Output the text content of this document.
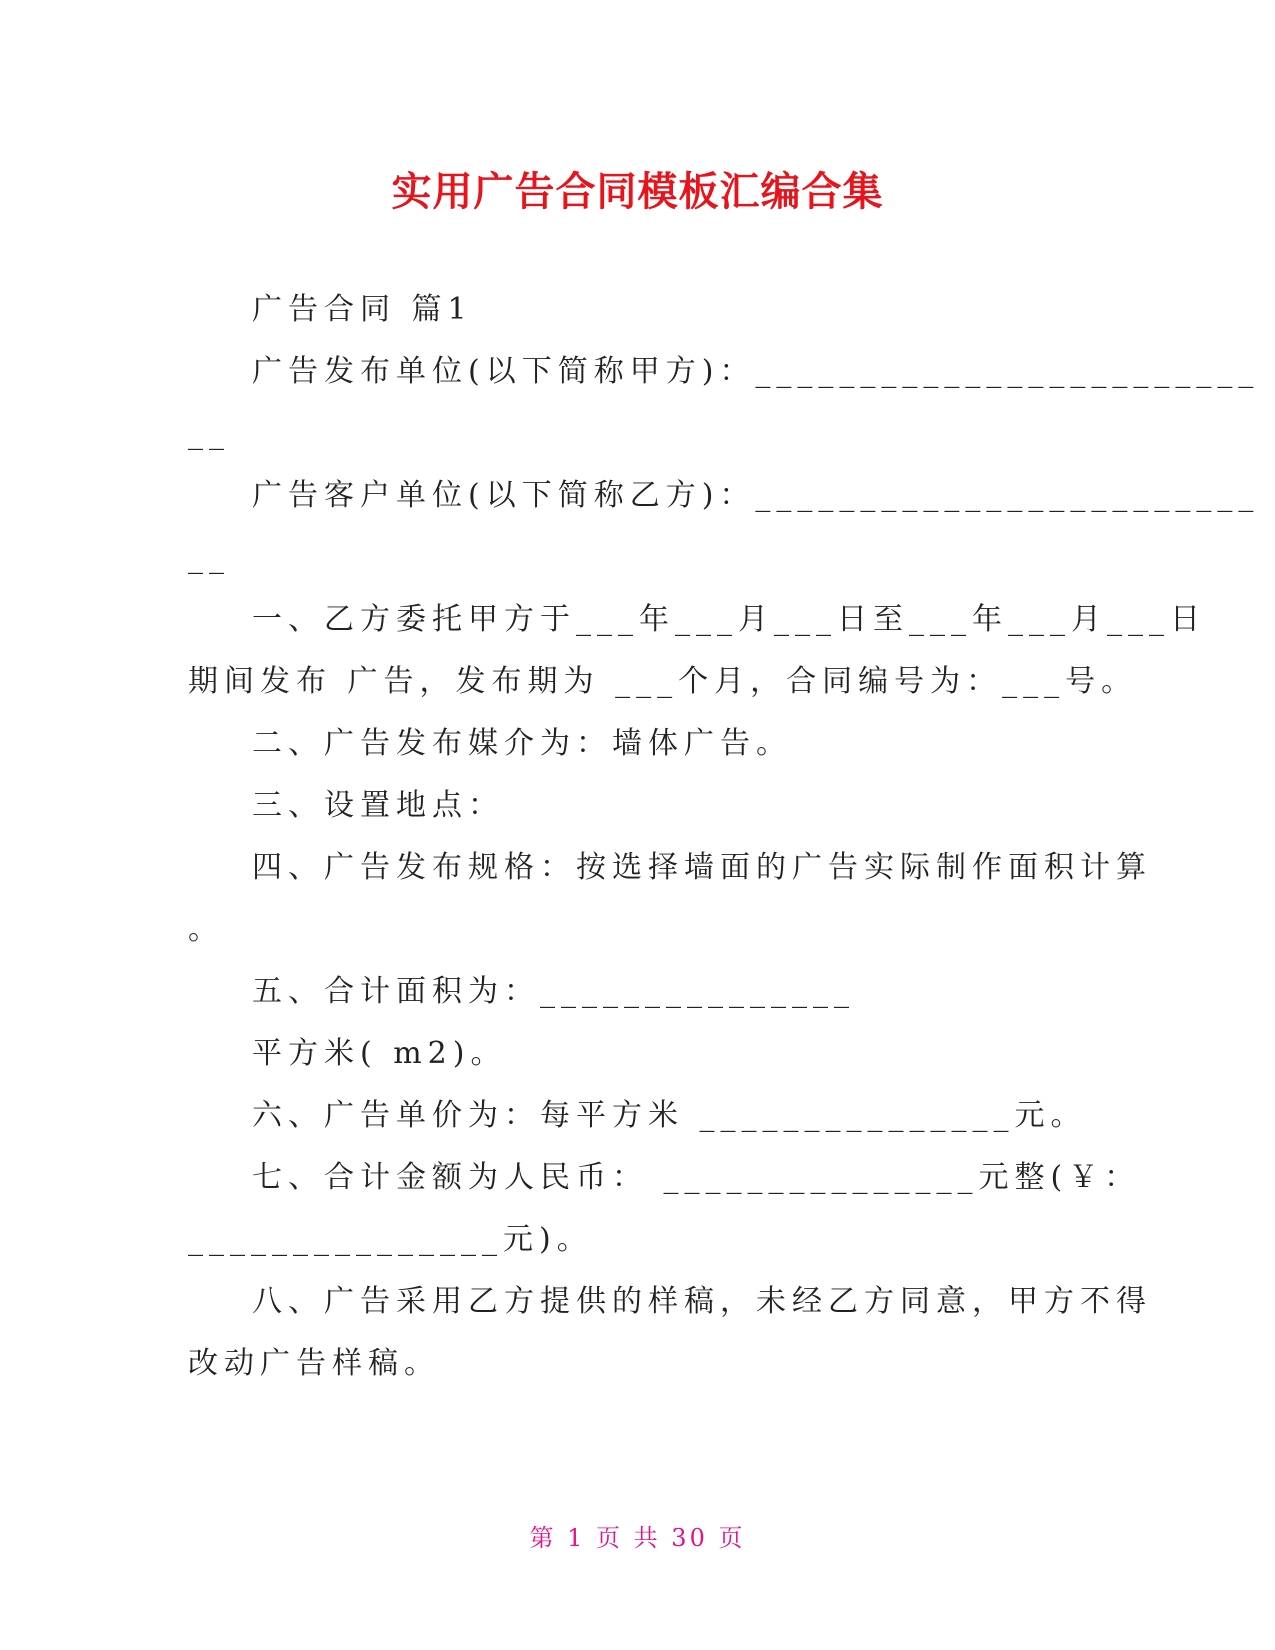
实用广告合同模板汇编合集
广告合同 篇1
广告发布单位(以下简称甲方)：________________________
__
广告客户单位(以下简称乙方)：________________________
__
一、乙方委托甲方于___年___月___日至___年___月___日
期间发布 广告，发布期为 ___个月，合同编号为：___号。
二、广告发布媒介为：墙体广告。
三、设置地点：
四、广告发布规格：按选择墙面的广告实际制作面积计算
。
五、合计面积为：_______________
平方米( m2)。
六、广告单价为：每平方米 _______________元。
七、合计金额为人民币： _______________元整(￥：
_______________元)。
八、广告采用乙方提供的样稿，未经乙方同意，甲方不得
改动广告样稿。
第 1 页 共 30 页
